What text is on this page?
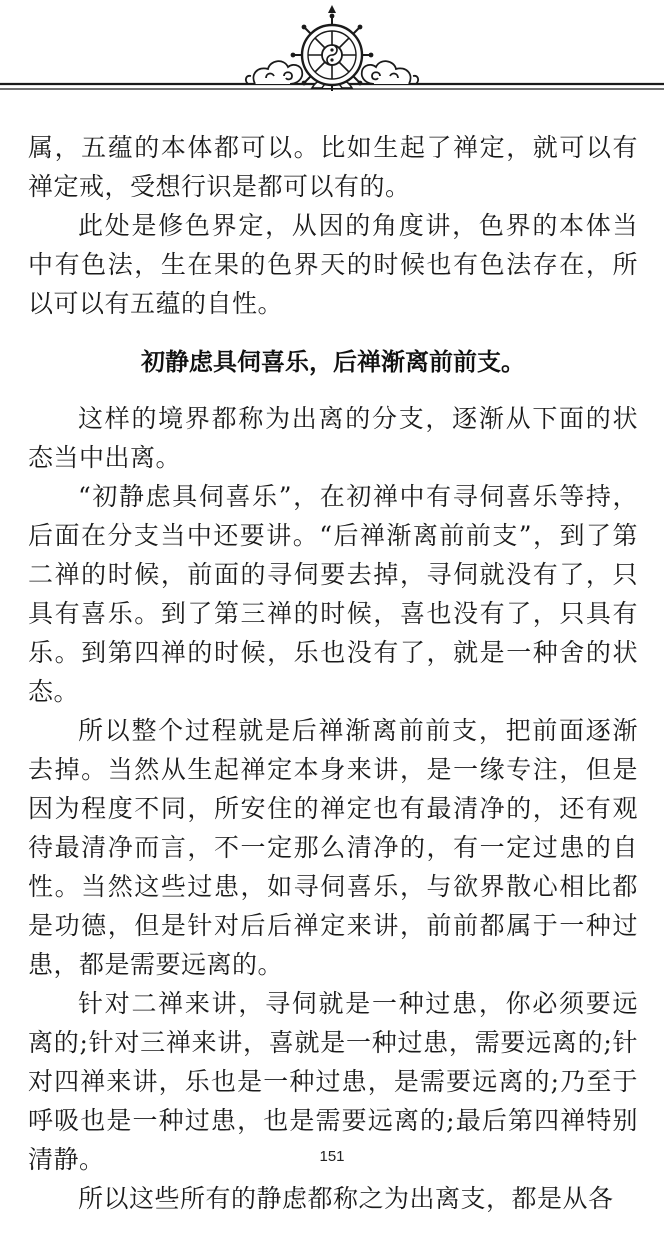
属，五蕴的本体都可以。比如生起了禅定，就可以有禅定戒，受想行识是都可以有的。

此处是修色界定，从因的角度讲，色界的本体当中有色法，生在果的色界天的时候也有色法存在，所以可以有五蕴的自性。

初静虑具伺喜乐，后禅渐离前前支。

这样的境界都称为出离的分支，逐渐从下面的状态当中出离。

“初静虑具伺喜乐”，在初禅中有寻伺喜乐等持，后面在分支当中还要讲。“后禅渐离前前支”，到了第二禅的时候，前面的寻伺要去掉，寻伺就没有了，只具有喜乐。到了第三禅的时候，喜也没有了，只具有乐。到第四禅的时候，乐也没有了，就是一种舍的状态。

所以整个过程就是后禅渐离前前支，把前面逐渐去掉。当然从生起禅定本身来讲，是一缘专注，但是因为程度不同，所安住的禅定也有最清净的，还有观待最清净而言，不一定那么清净的，有一定过患的自性。当然这些过患，如寻伺喜乐，与欲界散心相比都是功德，但是针对后后禅定来讲，前前都属于一种过患，都是需要远离的。

针对二禅来讲，寻伺就是一种过患，你必须要远离的;针对三禅来讲，喜就是一种过患，需要远离的;针对四禅来讲，乐也是一种过患，是需要远离的;乃至于呼吸也是一种过患，也是需要远离的;最后第四禅特别清静。

所以这些所有的静虑都称之为出离支，都是从各

151
